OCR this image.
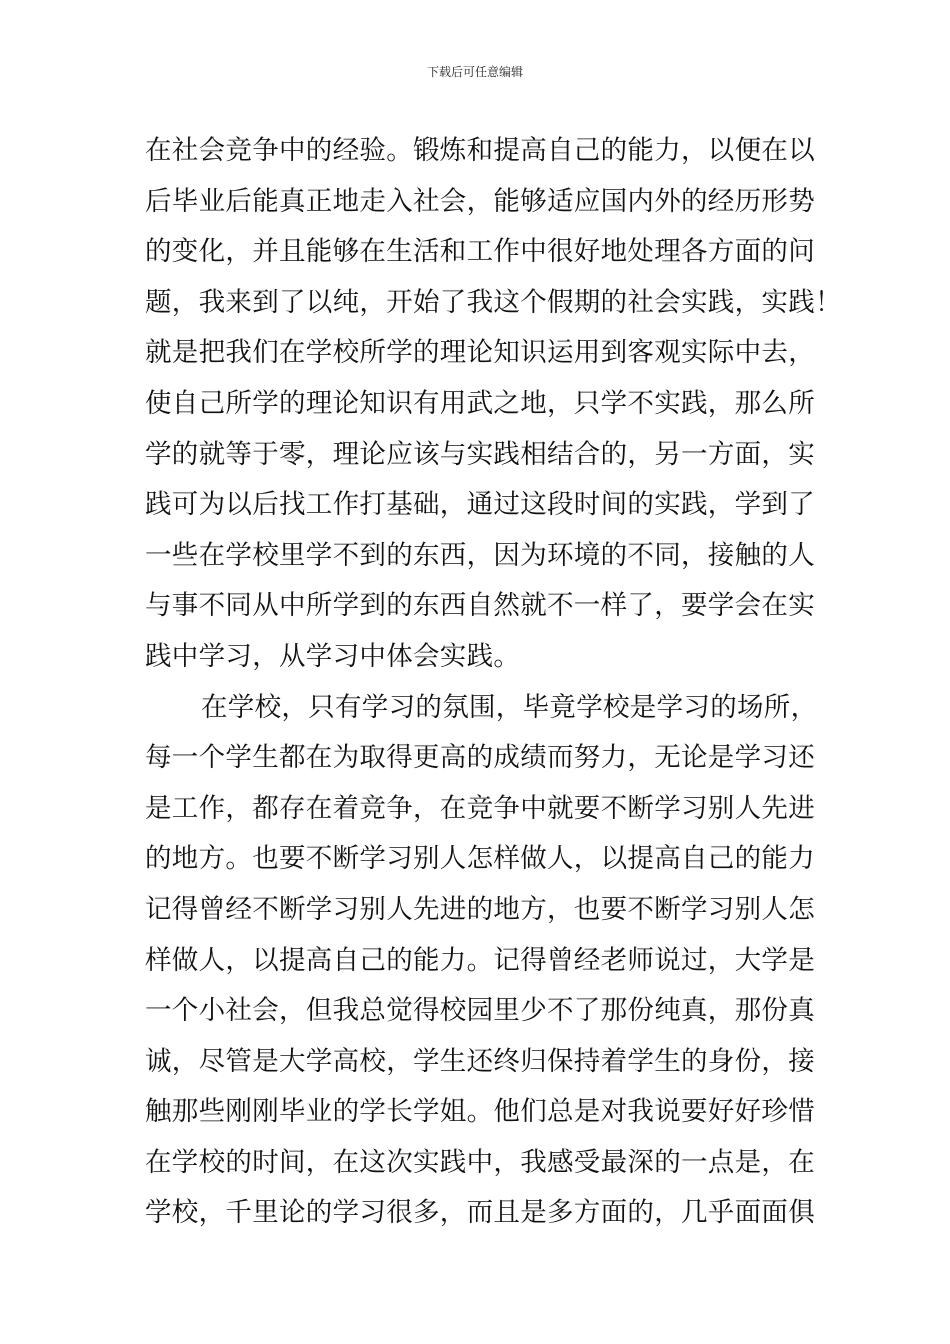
下载后可任意编辑
在社会竞争中的经验。锻炼和提高自己的能力，以便在以
后毕业后能真正地走入社会，能够适应国内外的经历形势
的变化，并且能够在生活和工作中很好地处理各方面的问
题，我来到了以纯，开始了我这个假期的社会实践，实践！
就是把我们在学校所学的理论知识运用到客观实际中去，
使自己所学的理论知识有用武之地，只学不实践，那么所
学的就等于零，理论应该与实践相结合的，另一方面，实
践可为以后找工作打基础，通过这段时间的实践，学到了
一些在学校里学不到的东西，因为环境的不同，接触的人
与事不同从中所学到的东西自然就不一样了，要学会在实
践中学习，从学习中体会实践。
在学校，只有学习的氛围，毕竟学校是学习的场所，
每一个学生都在为取得更高的成绩而努力，无论是学习还
是工作，都存在着竞争，在竞争中就要不断学习别人先进
的地方。也要不断学习别人怎样做人，以提高自己的能力
记得曾经不断学习别人先进的地方，也要不断学习别人怎
样做人，以提高自己的能力。记得曾经老师说过，大学是
一个小社会，但我总觉得校园里少不了那份纯真，那份真
诚，尽管是大学高校，学生还终归保持着学生的身份，接
触那些刚刚毕业的学长学姐。他们总是对我说要好好珍惜
在学校的时间，在这次实践中，我感受最深的一点是，在
学校，千里论的学习很多，而且是多方面的，几乎面面俱
